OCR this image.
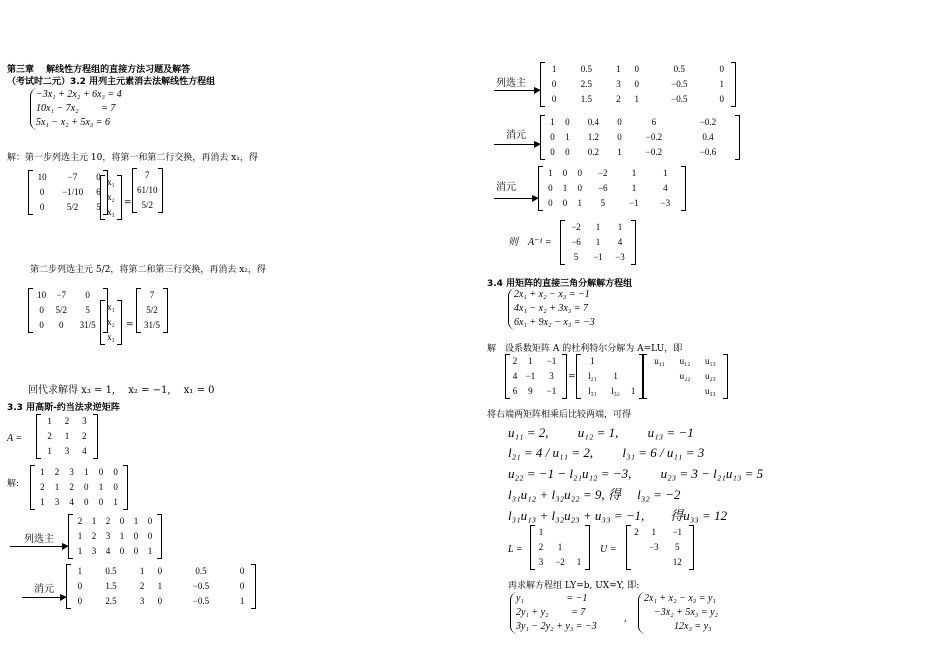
第三章　 解线性方程组的直接方法习题及解答
（考试时二元）3.2 用列主元素消去法解线性方程组
−3x₁ + 2x₂ + 6x₃ = 4
10x₁ − 7x₂　　 = 7
5x₁ − x₂ + 5x₃ = 6
解：第一步列选主元 10，将第一和第二行交换，再消去 x₁，得
10	−7	0
0	−1/10	6
0	5/2	5
x₁
x₂
x₃
=
7
61/10
5/2
第二步列选主元 5/2，将第二和第三行交换，再消去 x₂，得
10	−7	0
0	5/2	5
0	0	31/5
x₁
x₂
x₃
=
7
5/2
31/5
回代求解得 x₃ = 1,　 x₂ = −1,　 x₁ = 0
3.3 用高斯-约当法求逆矩阵
A =
1	2	3
2	1	2
1	3	4
解:
1	2	3	1	0	0
2	1	2	0	1	0
1	3	4	0	0	1
列选主
2	1	2	0	1	0
1	2	3	1	0	0
1	3	4	0	0	1
消元
1	0.5	1	0	0.5	0
0	1.5	2	1	−0.5	0
0	2.5	3	0	−0.5	1
列选主
1	0.5	1	0	0.5	0
0	2.5	3	0	−0.5	1
0	1.5	2	1	−0.5	0
消元
1	0	0.4	0	6	−0.2
0	1	1.2	0	−0.2	0.4
0	0	0.2	1	−0.2	−0.6
消元
1	0	0	−2	1	1
0	1	0	−6	1	4
0	0	1	5	−1	−3
则　A⁻¹ =
−2	1	1
−6	1	4
5	−1	−3
3.4 用矩阵的直接三角分解解方程组
2x₁ + x₂ − x₃ = −1
4x₁ − x₂ + 3x₃ = 7
6x₁ + 9x₂ − x₃ = −3
解　设系数矩阵 A 的杜利特尔分解为 A=LU，即
2	1	−1
4	−1	3
6	9	−1
=
1		
l₂₁	1	
l₃₁	l₃₂	1
u₁₁	u₁₂	u₁₃
	u₂₂	u₂₃
		u₃₃
将右端两矩阵相乘后比较两端，可得
u₁₁ = 2,　　 u₁₂ = 1,　　 u₁₃ = −1
l₂₁ = 4 / u₁₁ = 2,　　 l₃₁ = 6 / u₁₁ = 3
u₂₂ = −1 − l₂₁u₁₂ = −3,　　 u₂₃ = 3 − l₂₁u₁₃ = 5
l₃₁u₁₂ + l₃₂u₂₂ = 9, 得　 l₃₂ = −2
l₃₁u₁₃ + l₃₂u₂₃ + u₃₃ = −1,　　得u₃₃ = 12
L =
1		
2	1	
3	−2	1
U =
2	1	−1
	−3	5
		12
再求解方程组 LY=b, UX=Y, 即:
y₁　　　　 = −1
2y₁ + y₂　　 = 7
3y₁ − 2y₂ + y₃ = −3
,
2x₁ + x₂ − x₃ = y₁
　−3x₂ + 5x₃ = y₂
　　　12x₃ = y₃
